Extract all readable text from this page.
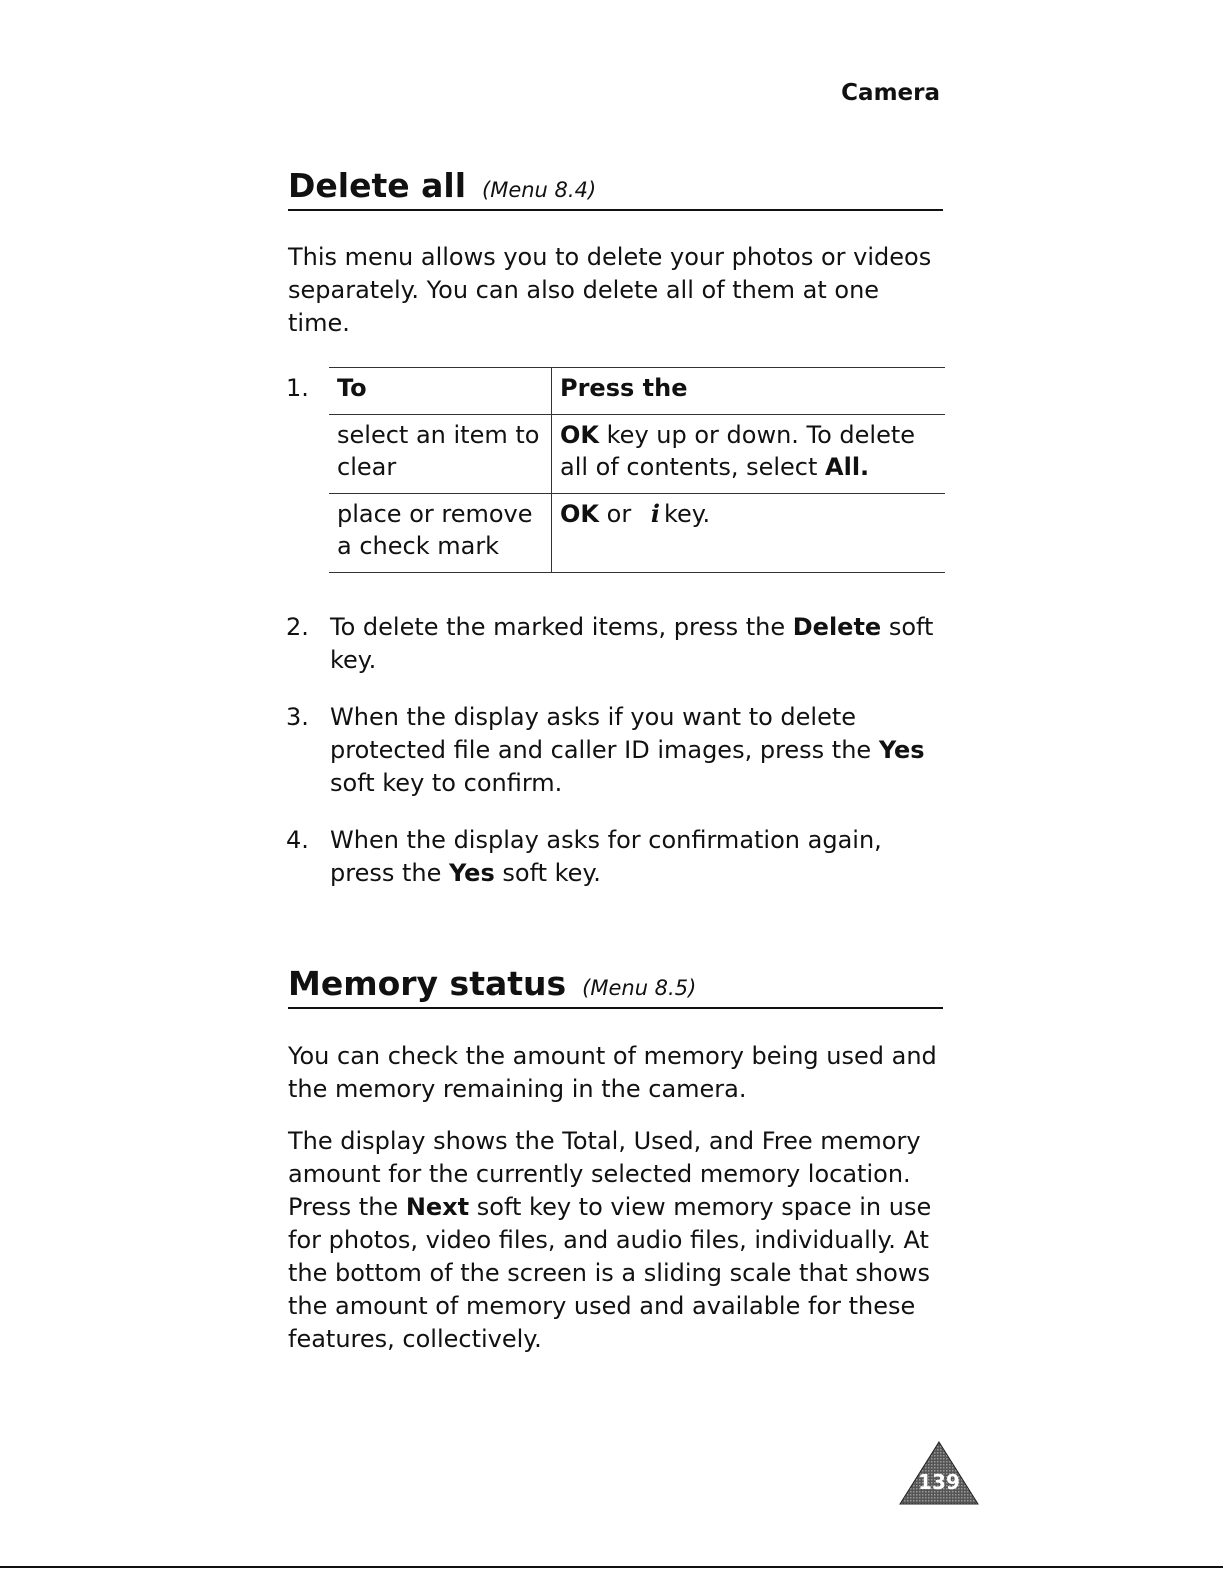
Camera
Delete all (Menu 8.4)

This menu allows you to delete your photos or videos separately. You can also delete all of them at one time.

1. To	Press the
select an item to clear	OK key up or down. To delete all of contents, select All.
place or remove a check mark	OK or i key.
2. To delete the marked items, press the Delete soft key.

3. When the display asks if you want to delete protected file and caller ID images, press the Yes soft key to confirm.

4. When the display asks for confirmation again, press the Yes soft key.

Memory status (Menu 8.5)

You can check the amount of memory being used and the memory remaining in the camera.

The display shows the Total, Used, and Free memory amount for the currently selected memory location. Press the Next soft key to view memory space in use for photos, video files, and audio files, individually. At the bottom of the screen is a sliding scale that shows the amount of memory used and available for these features, collectively.

139
